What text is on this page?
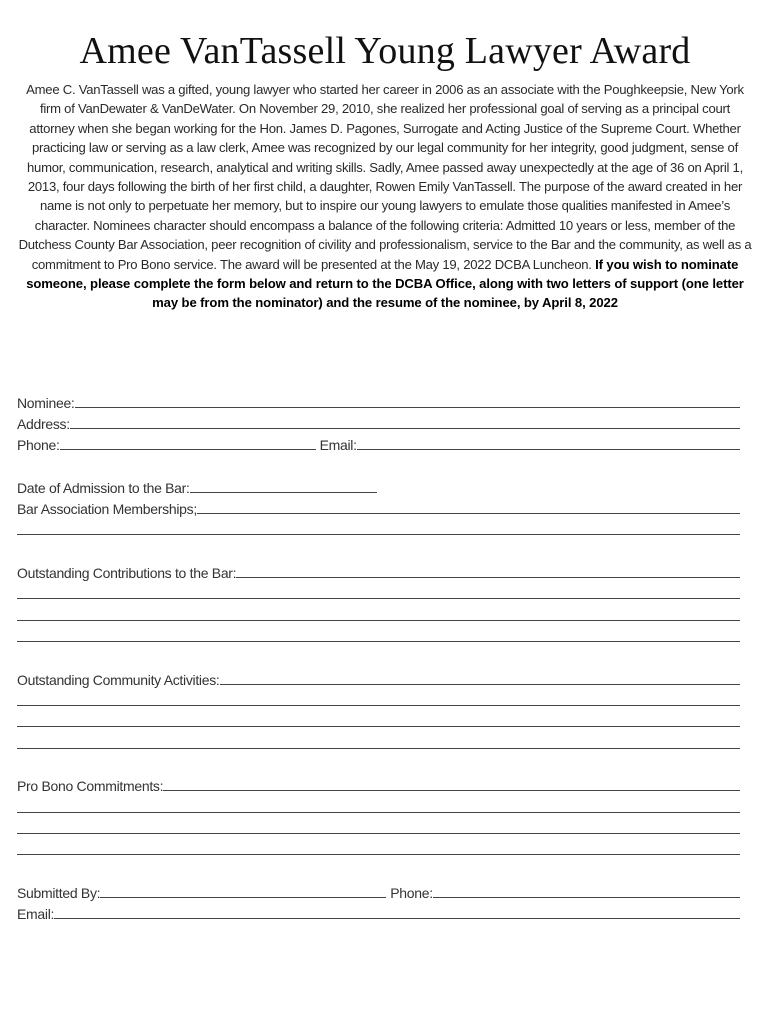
Amee VanTassell Young Lawyer Award
Amee C. VanTassell was a gifted, young lawyer who started her career in 2006 as an associate with the Poughkeepsie, New York firm of VanDewater & VanDeWater. On November 29, 2010, she realized her professional goal of serving as a principal court attorney when she began working for the Hon. James D. Pagones, Surrogate and Acting Justice of the Supreme Court. Whether practicing law or serving as a law clerk, Amee was recognized by our legal community for her integrity, good judgment, sense of humor, communication, research, analytical and writing skills. Sadly, Amee passed away unexpectedly at the age of 36 on April 1, 2013, four days following the birth of her first child, a daughter, Rowen Emily VanTassell. The purpose of the award created in her name is not only to perpetuate her memory, but to inspire our young lawyers to emulate those qualities manifested in Amee’s character. Nominees character should encompass a balance of the following criteria: Admitted 10 years or less, member of the Dutchess County Bar Association, peer recognition of civility and professionalism, service to the Bar and the community, as well as a commitment to Pro Bono service. The award will be presented at the May 19, 2022 DCBA Luncheon. If you wish to nominate someone, please complete the form below and return to the DCBA Office, along with two letters of support (one letter may be from the nominator) and the resume of the nominee, by April 8, 2022
Nominee:
Address:
Phone:	Email:
Date of Admission to the Bar:
Bar Association Memberships;
Outstanding Contributions to the Bar:
Outstanding Community Activities:
Pro Bono Commitments:
Submitted By:	Phone:
Email:
